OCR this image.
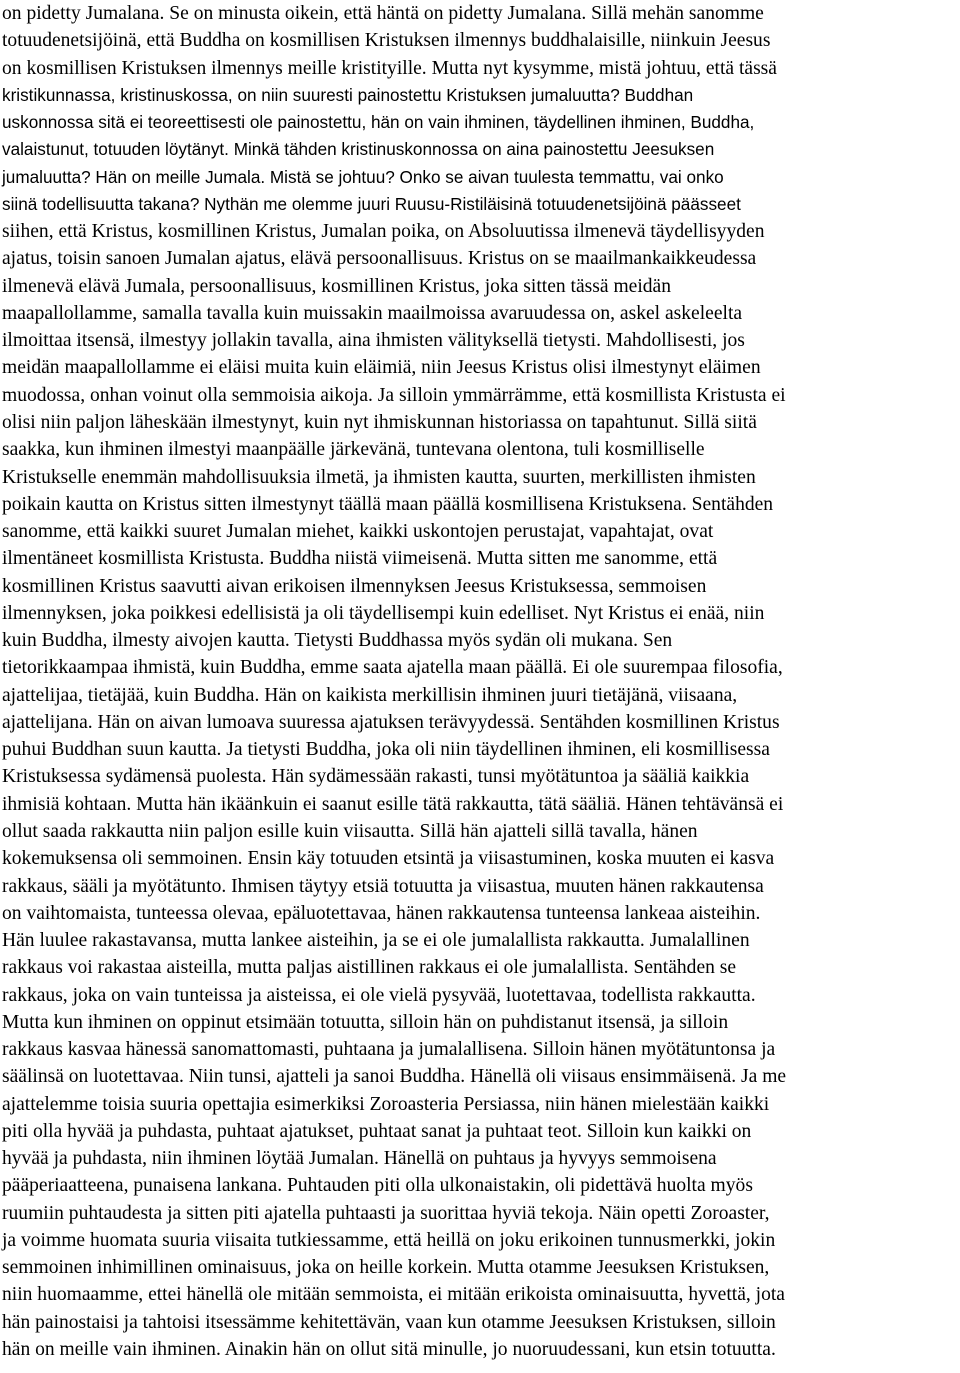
on pidetty Jumalana. Se on minusta oikein, että häntä on pidetty Jumalana. Sillä mehän sanomme
totuudenetsijöinä, että Buddha on kosmillisen Kristuksen ilmennys buddhalaisille, niinkuin Jeesus
on kosmillisen Kristuksen ilmennys meille kristityille. Mutta nyt kysymme, mistä johtuu, että tässä
kristikunnassa, kristinuskossa, on niin suuresti painostettu Kristuksen jumaluutta? Buddhan
uskonnossa sitä ei teoreettisesti ole painostettu, hän on vain ihminen, täydellinen ihminen, Buddha,
valaistunut, totuuden löytänyt. Minkä tähden kristinuskonnossa on aina painostettu Jeesuksen
jumaluutta? Hän on meille Jumala. Mistä se johtuu? Onko se aivan tuulesta temmattu, vai onko
siinä todellisuutta takana? Nythän me olemme juuri Ruusu-Ristiläisinä totuudenetsijöinä päässeet
siihen, että Kristus, kosmillinen Kristus, Jumalan poika, on Absoluutissa ilmenevä täydellisyyden
ajatus, toisin sanoen Jumalan ajatus, elävä persoonallisuus. Kristus on se maailmankaikkeudessa
ilmenevä elävä Jumala, persoonallisuus, kosmillinen Kristus, joka sitten tässä meidän
maapallollamme, samalla tavalla kuin muissakin maailmoissa avaruudessa on, askel askeleelta
ilmoittaa itsensä, ilmestyy jollakin tavalla, aina ihmisten välityksellä tietysti. Mahdollisesti, jos
meidän maapallollamme ei eläisi muita kuin eläimiä, niin Jeesus Kristus olisi ilmestynyt eläimen
muodossa, onhan voinut olla semmoisia aikoja. Ja silloin ymmärrämme, että kosmillista Kristusta ei
olisi niin paljon läheskään ilmestynyt, kuin nyt ihmiskunnan historiassa on tapahtunut. Sillä siitä
saakka, kun ihminen ilmestyi maanpäälle järkevänä, tuntevana olentona, tuli kosmilliselle
Kristukselle enemmän mahdollisuuksia ilmetä, ja ihmisten kautta, suurten, merkillisten ihmisten
poikain kautta on Kristus sitten ilmestynyt täällä maan päällä kosmillisena Kristuksena. Sentähden
sanomme, että kaikki suuret Jumalan miehet, kaikki uskontojen perustajat, vapahtajat, ovat
ilmentäneet kosmillista Kristusta. Buddha niistä viimeisenä. Mutta sitten me sanomme, että
kosmillinen Kristus saavutti aivan erikoisen ilmennyksen Jeesus Kristuksessa, semmoisen
ilmennyksen, joka poikkesi edellisistä ja oli täydellisempi kuin edelliset. Nyt Kristus ei enää, niin
kuin Buddha, ilmesty aivojen kautta. Tietysti Buddhassa myös sydän oli mukana. Sen
tietorikkaampaa ihmistä, kuin Buddha, emme saata ajatella maan päällä. Ei ole suurempaa filosofia,
ajattelijaa, tietäjää, kuin Buddha. Hän on kaikista merkillisin ihminen juuri tietäjänä, viisaana,
ajattelijana. Hän on aivan lumoava suuressa ajatuksen terävyydessä. Sentähden kosmillinen Kristus
puhui Buddhan suun kautta. Ja tietysti Buddha, joka oli niin täydellinen ihminen, eli kosmillisessa
Kristuksessa sydämensä puolesta. Hän sydämessään rakasti, tunsi myötätuntoa ja sääliä kaikkia
ihmisiä kohtaan. Mutta hän ikäänkuin ei saanut esille tätä rakkautta, tätä sääliä. Hänen tehtävänsä ei
ollut saada rakkautta niin paljon esille kuin viisautta. Sillä hän ajatteli sillä tavalla, hänen
kokemuksensa oli semmoinen. Ensin käy totuuden etsintä ja viisastuminen, koska muuten ei kasva
rakkaus, sääli ja myötätunto. Ihmisen täytyy etsiä totuutta ja viisastua, muuten hänen rakkautensa
on vaihtomaista, tunteessa olevaa, epäluotettavaa, hänen rakkautensa tunteensa lankeaa aisteihin.
Hän luulee rakastavansa, mutta lankee aisteihin, ja se ei ole jumalallista rakkautta. Jumalallinen
rakkaus voi rakastaa aisteilla, mutta paljas aistillinen rakkaus ei ole jumalallista. Sentähden se
rakkaus, joka on vain tunteissa ja aisteissa, ei ole vielä pysyvää, luotettavaa, todellista rakkautta.
Mutta kun ihminen on oppinut etsimään totuutta, silloin hän on puhdistanut itsensä, ja silloin
rakkaus kasvaa hänessä sanomattomasti, puhtaana ja jumalallisena. Silloin hänen myötätuntonsa ja
säälinsä on luotettavaa. Niin tunsi, ajatteli ja sanoi Buddha. Hänellä oli viisaus ensimmäisenä. Ja me
ajattelemme toisia suuria opettajia esimerkiksi Zoroasteria Persiassa, niin hänen mielestään kaikki
piti olla hyvää ja puhdasta, puhtaat ajatukset, puhtaat sanat ja puhtaat teot. Silloin kun kaikki on
hyvää ja puhdasta, niin ihminen löytää Jumalan. Hänellä on puhtaus ja hyvyys semmoisena
pääperiaatteena, punaisena lankana. Puhtauden piti olla ulkonaistakin, oli pidettävä huolta myös
ruumiin puhtaudesta ja sitten piti ajatella puhtaasti ja suorittaa hyviä tekoja. Näin opetti Zoroaster,
ja voimme huomata suuria viisaita tutkiessamme, että heillä on joku erikoinen tunnusmerkki, jokin
semmoinen inhimillinen ominaisuus, joka on heille korkein. Mutta otamme Jeesuksen Kristuksen,
niin huomaamme, ettei hänellä ole mitään semmoista, ei mitään erikoista ominaisuutta, hyvettä, jota
hän painostaisi ja tahtoisi itsessämme kehitettävän, vaan kun otamme Jeesuksen Kristuksen, silloin
hän on meille vain ihminen. Ainakin hän on ollut sitä minulle, jo nuoruudessani, kun etsin totuutta.
